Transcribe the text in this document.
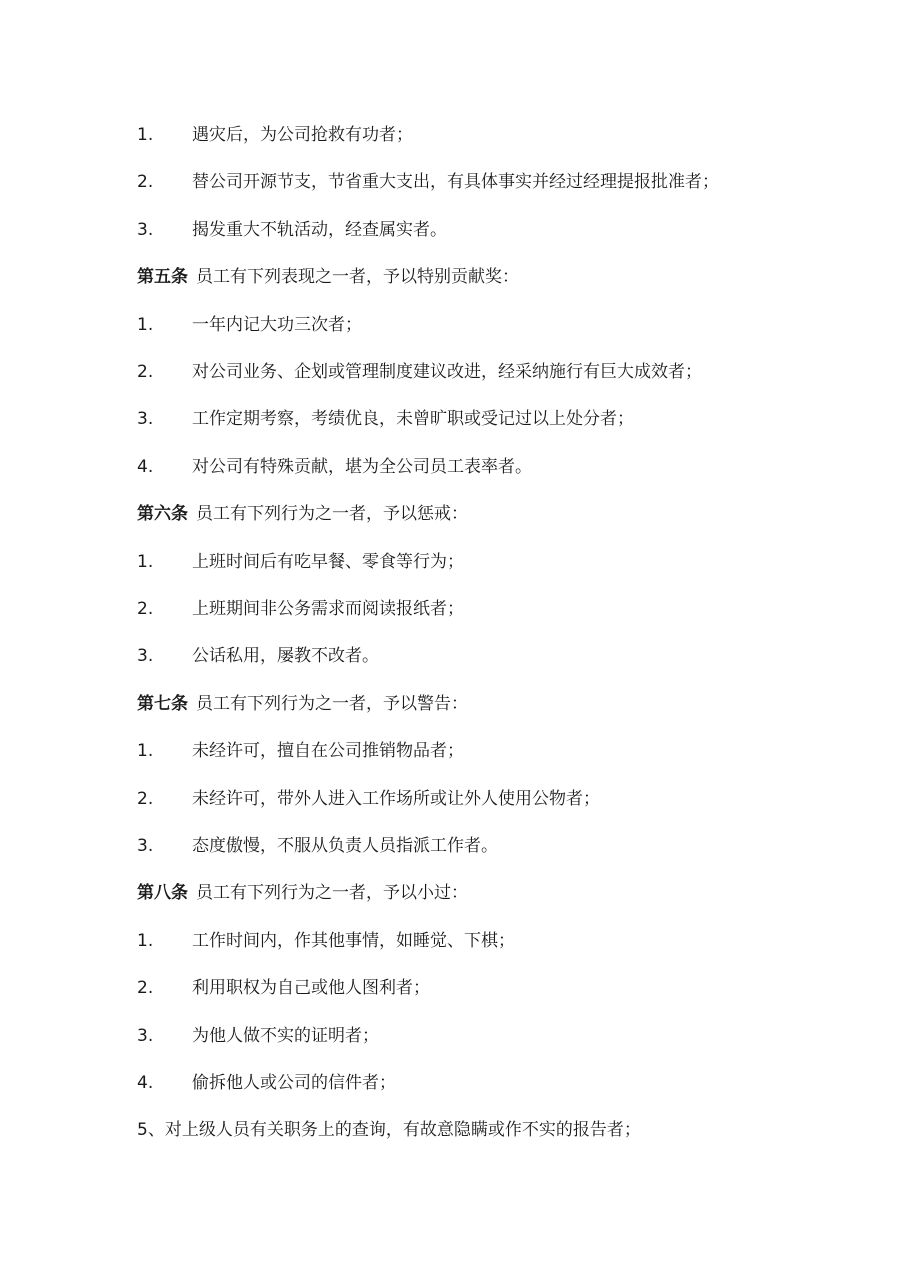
1. 遇灾后，为公司抢救有功者；
2. 替公司开源节支，节省重大支出，有具体事实并经过经理提报批准者；
3. 揭发重大不轨活动，经查属实者。
第五条 员工有下列表现之一者，予以特别贡献奖：
1. 一年内记大功三次者；
2. 对公司业务、企划或管理制度建议改进，经采纳施行有巨大成效者；
3. 工作定期考察，考绩优良，未曾旷职或受记过以上处分者；
4. 对公司有特殊贡献，堪为全公司员工表率者。
第六条 员工有下列行为之一者，予以惩戒：
1. 上班时间后有吃早餐、零食等行为；
2. 上班期间非公务需求而阅读报纸者；
3. 公话私用，屡教不改者。
第七条 员工有下列行为之一者，予以警告：
1. 未经许可，擅自在公司推销物品者；
2. 未经许可，带外人进入工作场所或让外人使用公物者；
3. 态度傲慢，不服从负责人员指派工作者。
第八条 员工有下列行为之一者，予以小过：
1. 工作时间内，作其他事情，如睡觉、下棋；
2. 利用职权为自己或他人图利者；
3. 为他人做不实的证明者；
4. 偷拆他人或公司的信件者；
5、对上级人员有关职务上的查询，有故意隐瞒或作不实的报告者；
